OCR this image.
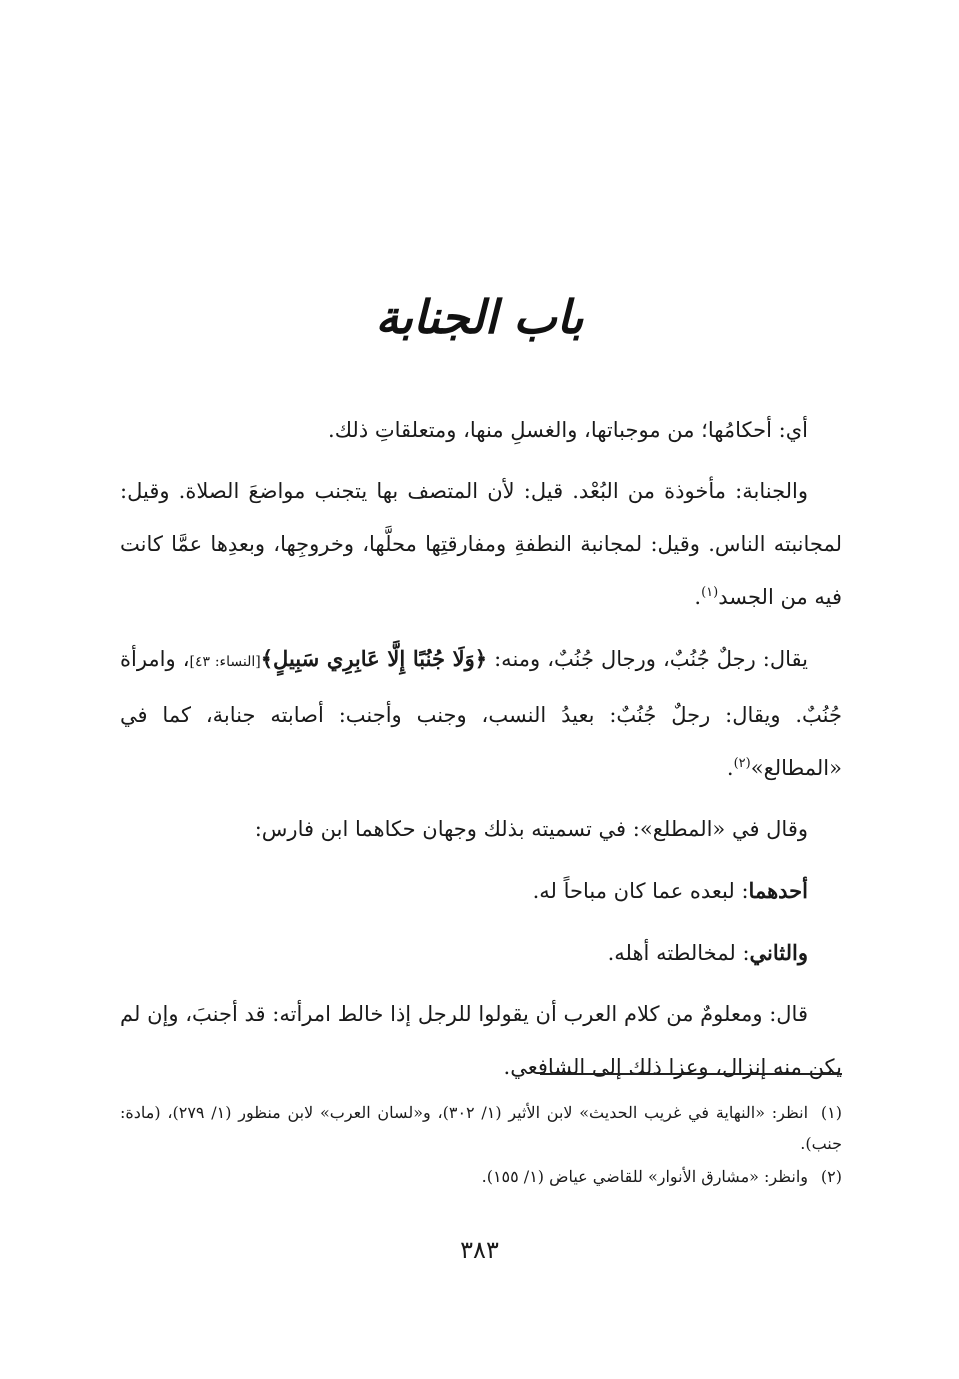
باب الجنابة

أي: أحكامُها؛ من موجباتها، والغسلِ منها، ومتعلقاتِ ذلك.

والجنابة: مأخوذة من البُعْد. قيل: لأن المتصف بها يتجنب مواضعَ الصلاة. وقيل: لمجانبته الناس. وقيل: لمجانبة النطفةِ ومفارقتِها محلَّها، وخروجِها، وبعدِها عمَّا كانت فيه من الجسد$^{(١)}$.

يقال: رجلٌ جُنُبٌ، ورجال جُنُبٌ، ومنه: ﴿وَلَا جُنُبًا إِلَّا عَابِرِي سَبِيلٍ﴾[النساء: ٤٣]، وامرأة جُنُبٌ. ويقال: رجلٌ جُنُبٌ: بعيدُ النسب، وجنب وأجنب: أصابته جنابة، كما في «المطالع»$^{(٢)}$.

وقال في «المطلع»: في تسميته بذلك وجهان حكاهما ابن فارس:

أحدهما: لبعده عما كان مباحاً له.

والثاني: لمخالطته أهله.

قال: ومعلومٌ من كلام العرب أن يقولوا للرجل إذا خالط امرأته: قد أجنبَ، وإن لم يكن منه إنزال، وعزا ذلك إلى الشافعي.

(١)انظر: «النهاية في غريب الحديث» لابن الأثير (١/ ٣٠٢)، و«لسان العرب» لابن منظور (١/ ٢٧٩)، (مادة: جنب).

(٢)وانظر: «مشارق الأنوار» للقاضي عياض (١/ ١٥٥).

٣٨٣
